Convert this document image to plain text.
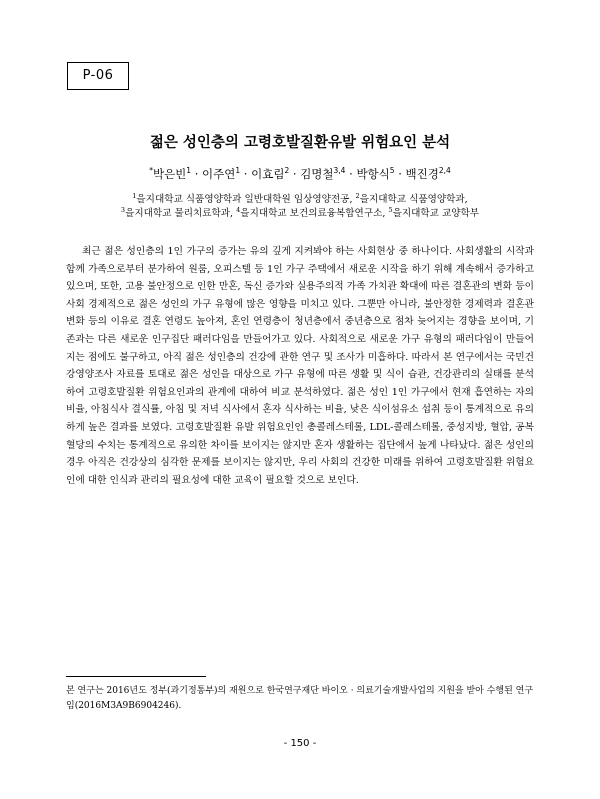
P-06
젊은 성인층의 고령호발질환유발 위험요인 분석
*박은빈$^1$ · 이주연$^1$ · 이효림$^2$ · 김명철$^{3,4}$ · 박항식$^5$ · 백진경$^{2,4}$
$^1$을지대학교 식품영양학과 일반대학원 임상영양전공, $^2$을지대학교 식품영양학과,
$^3$을지대학교 물리치료학과, $^4$을지대학교 보건의료융복합연구소, $^5$을지대학교 교양학부

최근 젊은 성인층의 1인 가구의 증가는 유의 깊게 지켜봐야 하는 사회현상 중 하나이다. 사회생활의 시작과 함께 가족으로부터 분가하여 원룸, 오피스텔 등 1인 가구 주택에서 새로운 시작을 하기 위해 계속해서 증가하고 있으며, 또한, 고용 불안정으로 인한 만혼, 독신 증가와 실용주의적 가족 가치관 확대에 따른 결혼관의 변화 등이 사회 경제적으로 젊은 성인의 가구 유형에 많은 영향을 미치고 있다. 그뿐만 아니라, 불안정한 경제력과 결혼관 변화 등의 이유로 결혼 연령도 높아져, 혼인 연령층이 청년층에서 중년층으로 점차 늦어지는 경향을 보이며, 기존과는 다른 새로운 인구집단 패러다임을 만들어가고 있다. 사회적으로 새로운 가구 유형의 패러다임이 만들어지는 점에도 불구하고, 아직 젊은 성인층의 건강에 관한 연구 및 조사가 미흡하다. 따라서 본 연구에서는 국민건강영양조사 자료를 토대로 젊은 성인을 대상으로 가구 유형에 따른 생활 및 식이 습관, 건강관리의 실태를 분석하여 고령호발질환 위험요인과의 관계에 대하여 비교 분석하였다. 젊은 성인 1인 가구에서 현재 흡연하는 자의 비율, 아침식사 결식률, 아침 및 저녁 식사에서 혼자 식사하는 비율, 낮은 식이섬유소 섭취 등이 통계적으로 유의하게 높은 결과를 보였다. 고령호발질환 유발 위험요인인 총콜레스테롤, LDL-콜레스테롤, 중성지방, 혈압, 공복혈당의 수치는 통계적으로 유의한 차이를 보이지는 않지만 혼자 생활하는 집단에서 높게 나타났다. 젊은 성인의 경우 아직은 건강상의 심각한 문제를 보이지는 않지만, 우리 사회의 건강한 미래를 위하여 고령호발질환 위험요인에 대한 인식과 관리의 필요성에 대한 교육이 필요할 것으로 보인다.

본 연구는 2016년도 정부(과기정통부)의 재원으로 한국연구재단 바이오 · 의료기술개발사업의 지원을 받아 수행된 연구임(2016M3A9B6904246).

- 150 -
